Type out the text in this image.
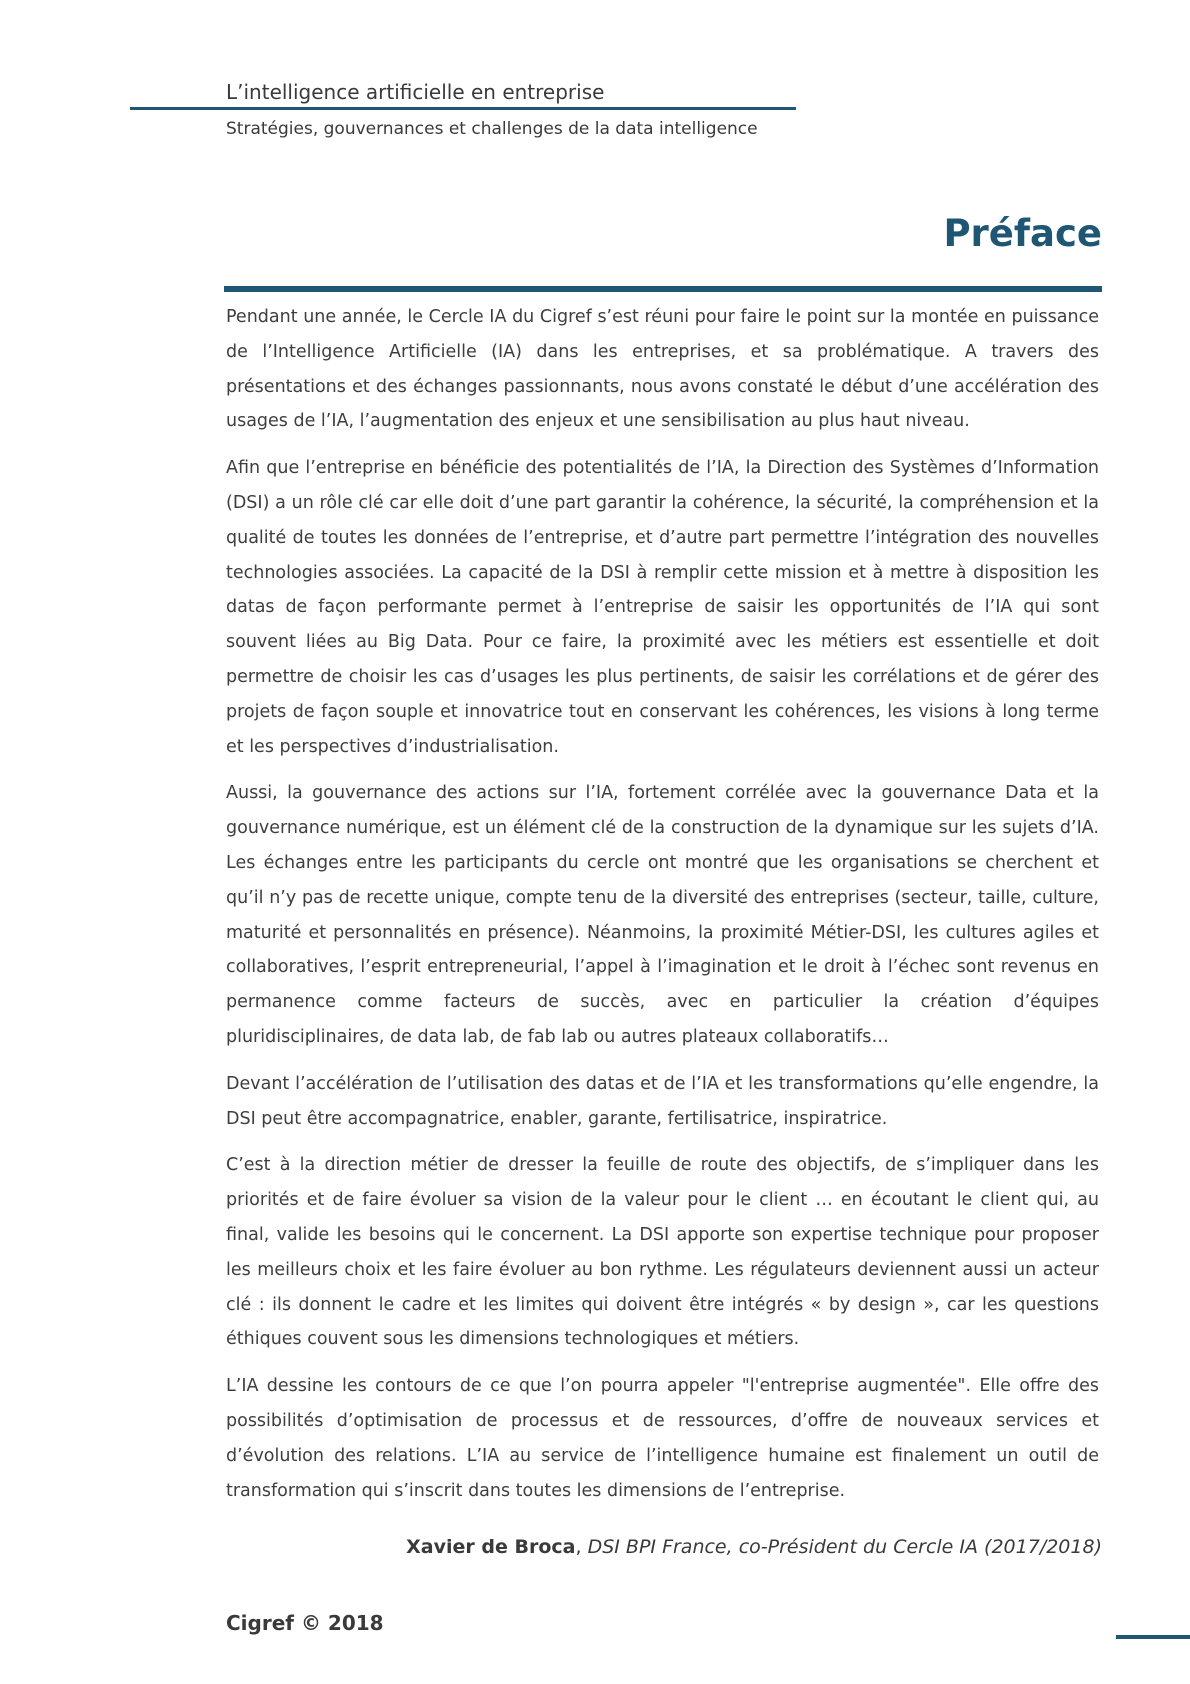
L’intelligence artificielle en entreprise
Stratégies, gouvernances et challenges de la data intelligence
Préface

Pendant une année, le Cercle IA du Cigref s’est réuni pour faire le point sur la montée en puissance de l’Intelligence Artificielle (IA) dans les entreprises, et sa problématique. A travers des présentations et des échanges passionnants, nous avons constaté le début d’une accélération des usages de l’IA, l’augmentation des enjeux et une sensibilisation au plus haut niveau.

Afin que l’entreprise en bénéficie des potentialités de l’IA, la Direction des Systèmes d’Information (DSI) a un rôle clé car elle doit d’une part garantir la cohérence, la sécurité, la compréhension et la qualité de toutes les données de l’entreprise, et d’autre part permettre l’intégration des nouvelles technologies associées. La capacité de la DSI à remplir cette mission et à mettre à disposition les datas de façon performante permet à l’entreprise de saisir les opportunités de l’IA qui sont souvent liées au Big Data. Pour ce faire, la proximité avec les métiers est essentielle et doit permettre de choisir les cas d’usages les plus pertinents, de saisir les corrélations et de gérer des projets de façon souple et innovatrice tout en conservant les cohérences, les visions à long terme et les perspectives d’industrialisation.

Aussi, la gouvernance des actions sur l’IA, fortement corrélée avec la gouvernance Data et la gouvernance numérique, est un élément clé de la construction de la dynamique sur les sujets d’IA. Les échanges entre les participants du cercle ont montré que les organisations se cherchent et qu’il n’y pas de recette unique, compte tenu de la diversité des entreprises (secteur, taille, culture, maturité et personnalités en présence). Néanmoins, la proximité Métier-DSI, les cultures agiles et collaboratives, l’esprit entrepreneurial, l’appel à l’imagination et le droit à l’échec sont revenus en permanence comme facteurs de succès, avec en particulier la création d’équipes pluridisciplinaires, de data lab, de fab lab ou autres plateaux collaboratifs…

Devant l’accélération de l’utilisation des datas et de l’IA et les transformations qu’elle engendre, la DSI peut être accompagnatrice, enabler, garante, fertilisatrice, inspiratrice.

C’est à la direction métier de dresser la feuille de route des objectifs, de s’impliquer dans les priorités et de faire évoluer sa vision de la valeur pour le client … en écoutant le client qui, au final, valide les besoins qui le concernent. La DSI apporte son expertise technique pour proposer les meilleurs choix et les faire évoluer au bon rythme. Les régulateurs deviennent aussi un acteur clé : ils donnent le cadre et les limites qui doivent être intégrés « by design », car les questions éthiques couvent sous les dimensions technologiques et métiers.

L’IA dessine les contours de ce que l’on pourra appeler "l'entreprise augmentée". Elle offre des possibilités d’optimisation de processus et de ressources, d’offre de nouveaux services et d’évolution des relations. L’IA au service de l’intelligence humaine est finalement un outil de transformation qui s’inscrit dans toutes les dimensions de l’entreprise.

Xavier de Broca, DSI BPI France, co-Président du Cercle IA (2017/2018)
Cigref © 2018
